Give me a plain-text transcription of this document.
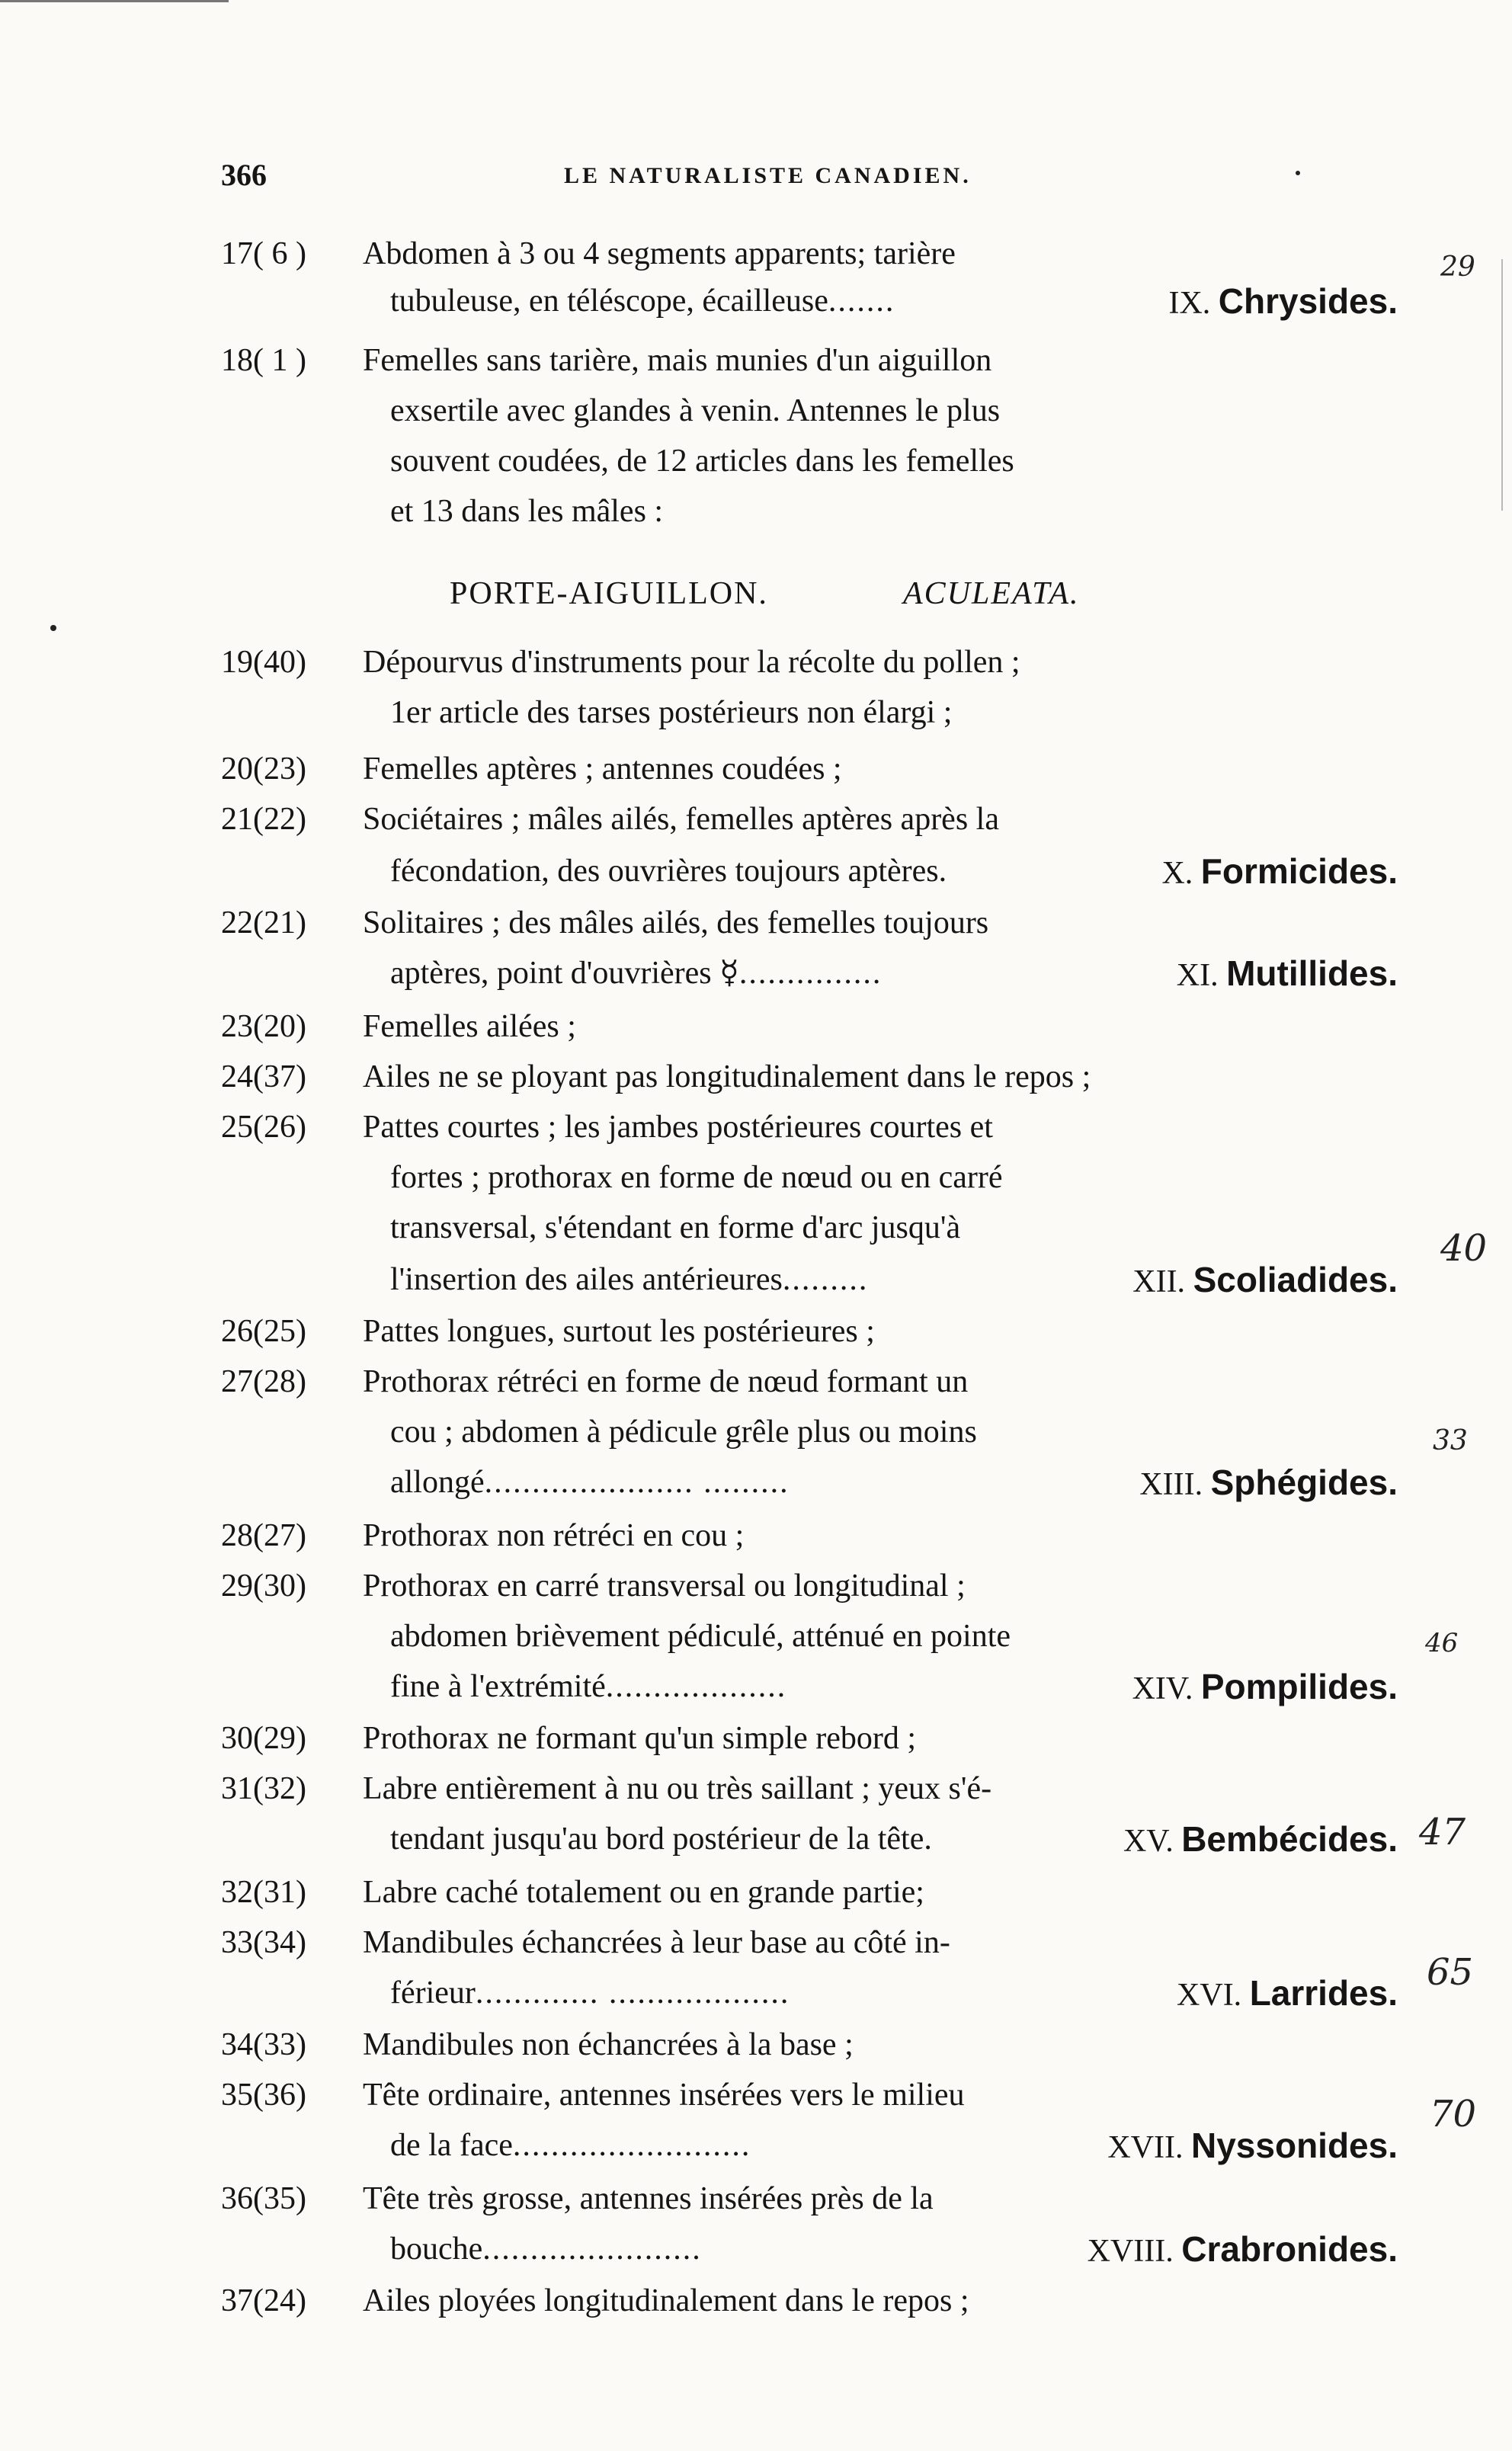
366	LE NATURALISTE CANADIEN.
PORTE-AIGUILLON.	ACULEATA.
17( 6 ) Abdomen à 3 ou 4 segments apparents; tarière
tubuleuse, en téléscope, écailleuse.......	IX. Chrysides.
18( 1 ) Femelles sans tarière, mais munies d'un aiguillon
exsertile avec glandes à venin. Antennes le plus
souvent coudées, de 12 articles dans les femelles
et 13 dans les mâles :
19(40) Dépourvus d'instruments pour la récolte du pollen ;
1er article des tarses postérieurs non élargi ;
20(23) Femelles aptères ; antennes coudées ;
21(22) Sociétaires ; mâles ailés, femelles aptères après la
fécondation, des ouvrières toujours aptères.	X. Formicides.
22(21) Solitaires ; des mâles ailés, des femelles toujours
aptères, point d'ouvrières ☿...............	XI. Mutillides.
23(20) Femelles ailées ;
24(37) Ailes ne se ployant pas longitudinalement dans le repos ;
25(26) Pattes courtes ; les jambes postérieures courtes et
fortes ; prothorax en forme de nœud ou en carré
transversal, s'étendant en forme d'arc jusqu'à
l'insertion des ailes antérieures.........	XII. Scoliadides.
26(25) Pattes longues, surtout les postérieures ;
27(28) Prothorax rétréci en forme de nœud formant un
cou ; abdomen à pédicule grêle plus ou moins
allongé...................... .........	XIII. Sphégides.
28(27) Prothorax non rétréci en cou ;
29(30) Prothorax en carré transversal ou longitudinal ;
abdomen brièvement pédiculé, atténué en pointe
fine à l'extrémité...................	XIV. Pompilides.
30(29) Prothorax ne formant qu'un simple rebord ;
31(32) Labre entièrement à nu ou très saillant ; yeux s'é-
tendant jusqu'au bord postérieur de la tête.	XV. Bembécides.
32(31) Labre caché totalement ou en grande partie;
33(34) Mandibules échancrées à leur base au côté in-
férieur............. ...................	XVI. Larrides.
34(33) Mandibules non échancrées à la base ;
35(36) Tête ordinaire, antennes insérées vers le milieu
de la face.........................	XVII. Nyssonides.
36(35) Tête très grosse, antennes insérées près de la
bouche.......................	XVIII. Crabronides.
37(24) Ailes ployées longitudinalement dans le repos ;
29
40
33
46
47
65
70
